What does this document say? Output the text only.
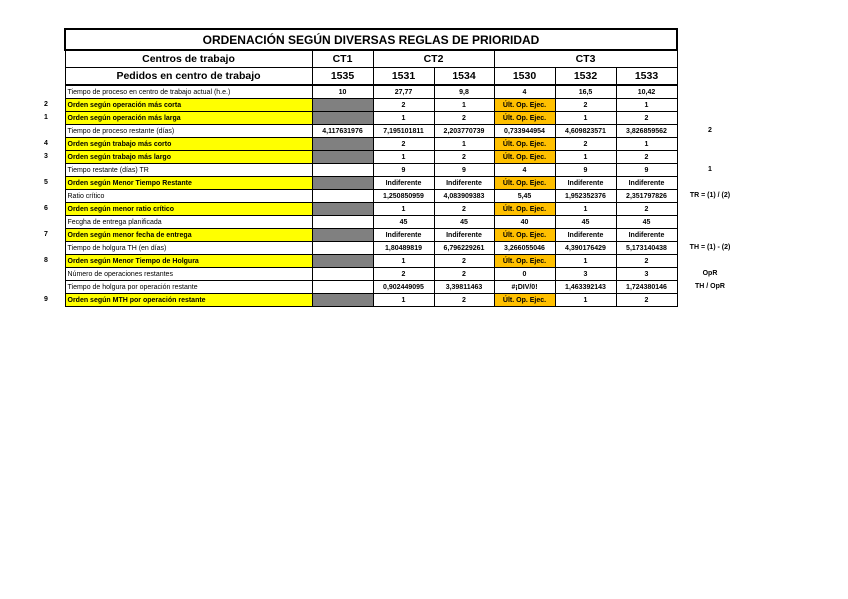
ORDENACIÓN SEGÚN DIVERSAS REGLAS DE PRIORIDAD						
Centros de trabajo	CT1	CT2		CT3		
Pedidos en centro de trabajo	1535	1531	1534	1530	1532	1533
Tiempo de proceso en centro de trabajo actual (h.e.)	10	27,77	9,8	4	16,5	10,42
Orden según operación más corta		2	1	Últ. Op. Ejec.	2	1
Orden según operación más larga		1	2	Últ. Op. Ejec.	1	2
Tiempo de proceso restante (días)	4,117631976	7,195101811	2,203770739	0,733944954	4,609823571	3,826859562
Orden según trabajo más corto		2	1	Últ. Op. Ejec.	2	1
Orden según trabajo más largo		1	2	Últ. Op. Ejec.	1	2
Tiempo restante (días) TR		9	9	4	9	9
Orden según Menor Tiempo Restante		Indiferente	Indiferente	Últ. Op. Ejec.	Indiferente	Indiferente
Ratio crítico		1,250850959	4,083909383	5,45	1,952352376	2,351797826
Orden según menor ratio crítico		1	2	Últ. Op. Ejec.	1	2
Fecgha de entrega planificada		45	45	40	45	45
Orden según menor fecha de entrega		Indiferente	Indiferente	Últ. Op. Ejec.	Indiferente	Indiferente
Tiempo de holgura TH (en días)		1,80489819	6,796229261	3,266055046	4,390176429	5,173140438
Orden según Menor Tiempo de Holgura		1	2	Últ. Op. Ejec.	1	2
Número de operaciones restantes		2	2	0	3	3
Tiempo de holgura por operación restante		0,902449095	3,39811463	#¡DIV/0!	1,463392143	1,724380146
Orden según MTH por operación restante		1	2	Últ. Op. Ejec.	1	2
2
1
2
4
3
1
5
TR = (1) / (2)
6
7
TH = (1) - (2)
8
OpR
TH / OpR
9
